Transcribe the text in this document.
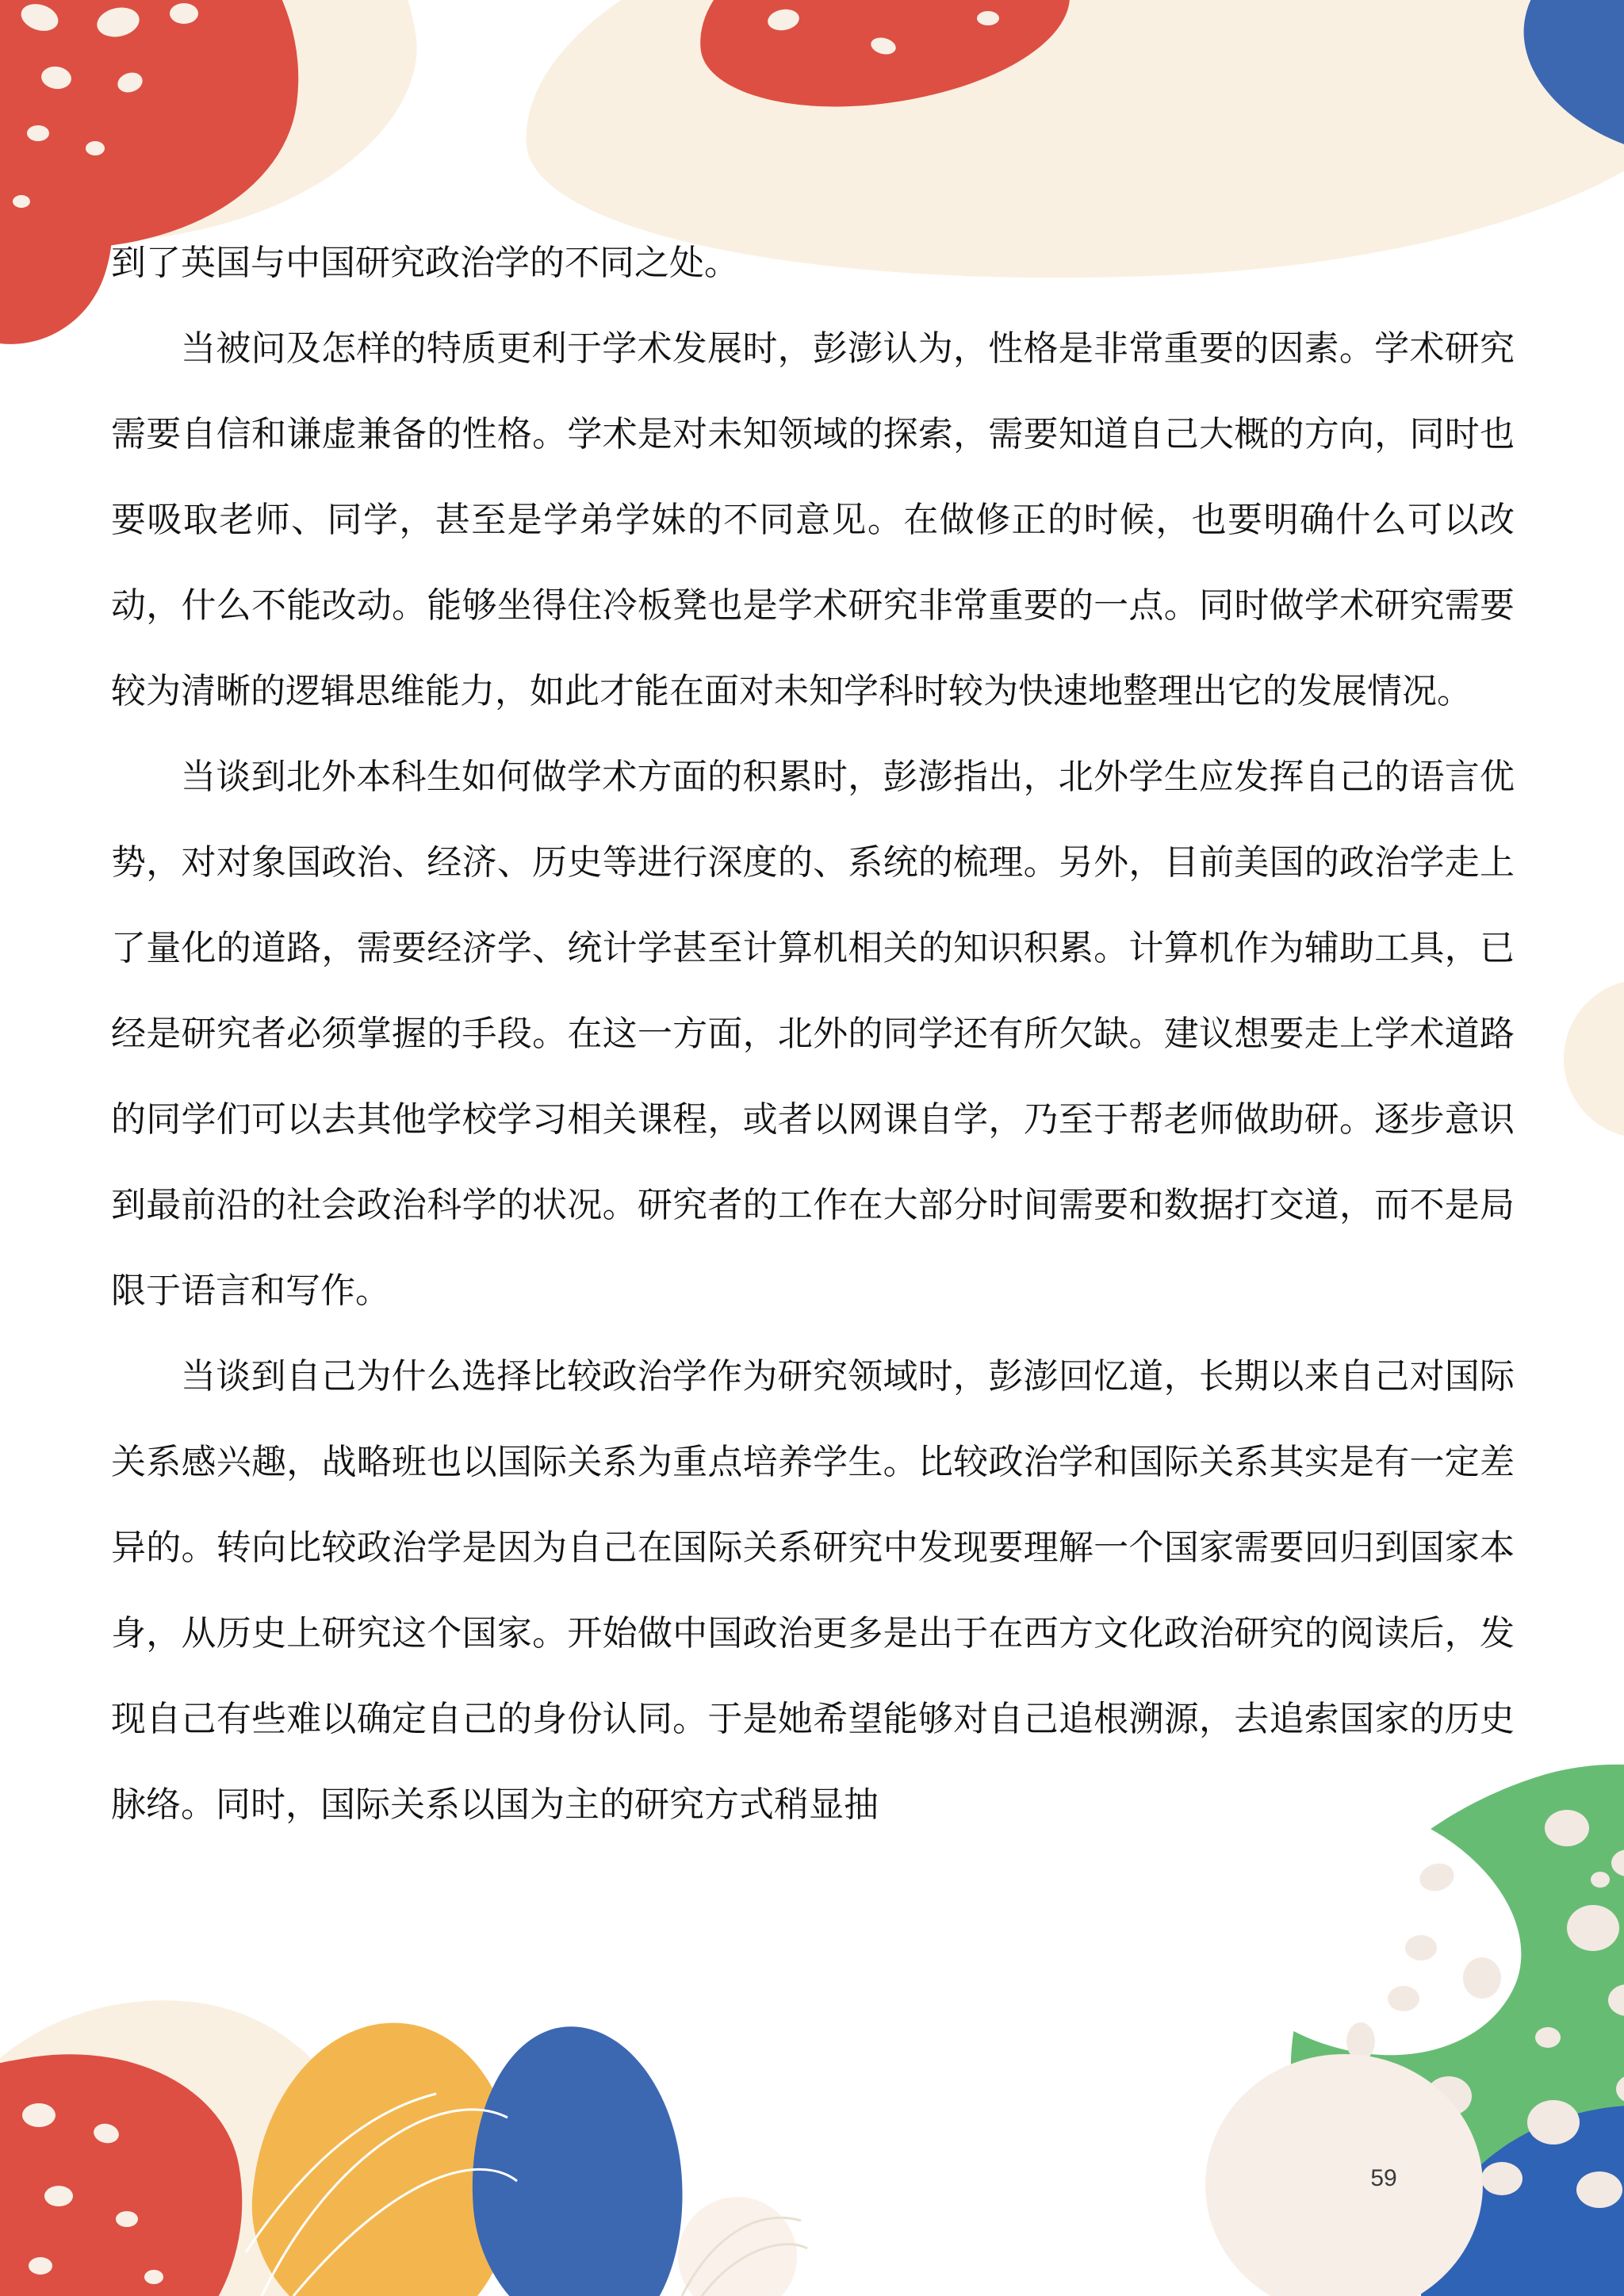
到了英国与中国研究政治学的不同之处。

当被问及怎样的特质更利于学术发展时，彭澎认为，性格是非常重要的因素。学术研究需要自信和谦虚兼备的性格。学术是对未知领域的探索，需要知道自己大概的方向，同时也要吸取老师、同学，甚至是学弟学妹的不同意见。在做修正的时候，也要明确什么可以改动，什么不能改动。能够坐得住冷板凳也是学术研究非常重要的一点。同时做学术研究需要较为清晰的逻辑思维能力，如此才能在面对未知学科时较为快速地整理出它的发展情况。

当谈到北外本科生如何做学术方面的积累时，彭澎指出，北外学生应发挥自己的语言优势，对对象国政治、经济、历史等进行深度的、系统的梳理。另外，目前美国的政治学走上了量化的道路，需要经济学、统计学甚至计算机相关的知识积累。计算机作为辅助工具，已经是研究者必须掌握的手段。在这一方面，北外的同学还有所欠缺。建议想要走上学术道路的同学们可以去其他学校学习相关课程，或者以网课自学，乃至于帮老师做助研。逐步意识到最前沿的社会政治科学的状况。研究者的工作在大部分时间需要和数据打交道，而不是局限于语言和写作。

当谈到自己为什么选择比较政治学作为研究领域时，彭澎回忆道，长期以来自己对国际关系感兴趣，战略班也以国际关系为重点培养学生。比较政治学和国际关系其实是有一定差异的。转向比较政治学是因为自己在国际关系研究中发现要理解一个国家需要回归到国家本身，从历史上研究这个国家。开始做中国政治更多是出于在西方文化政治研究的阅读后，发现自己有些难以确定自己的身份认同。于是她希望能够对自己追根溯源，去追索国家的历史脉络。同时，国际关系以国为主的研究方式稍显抽

59
